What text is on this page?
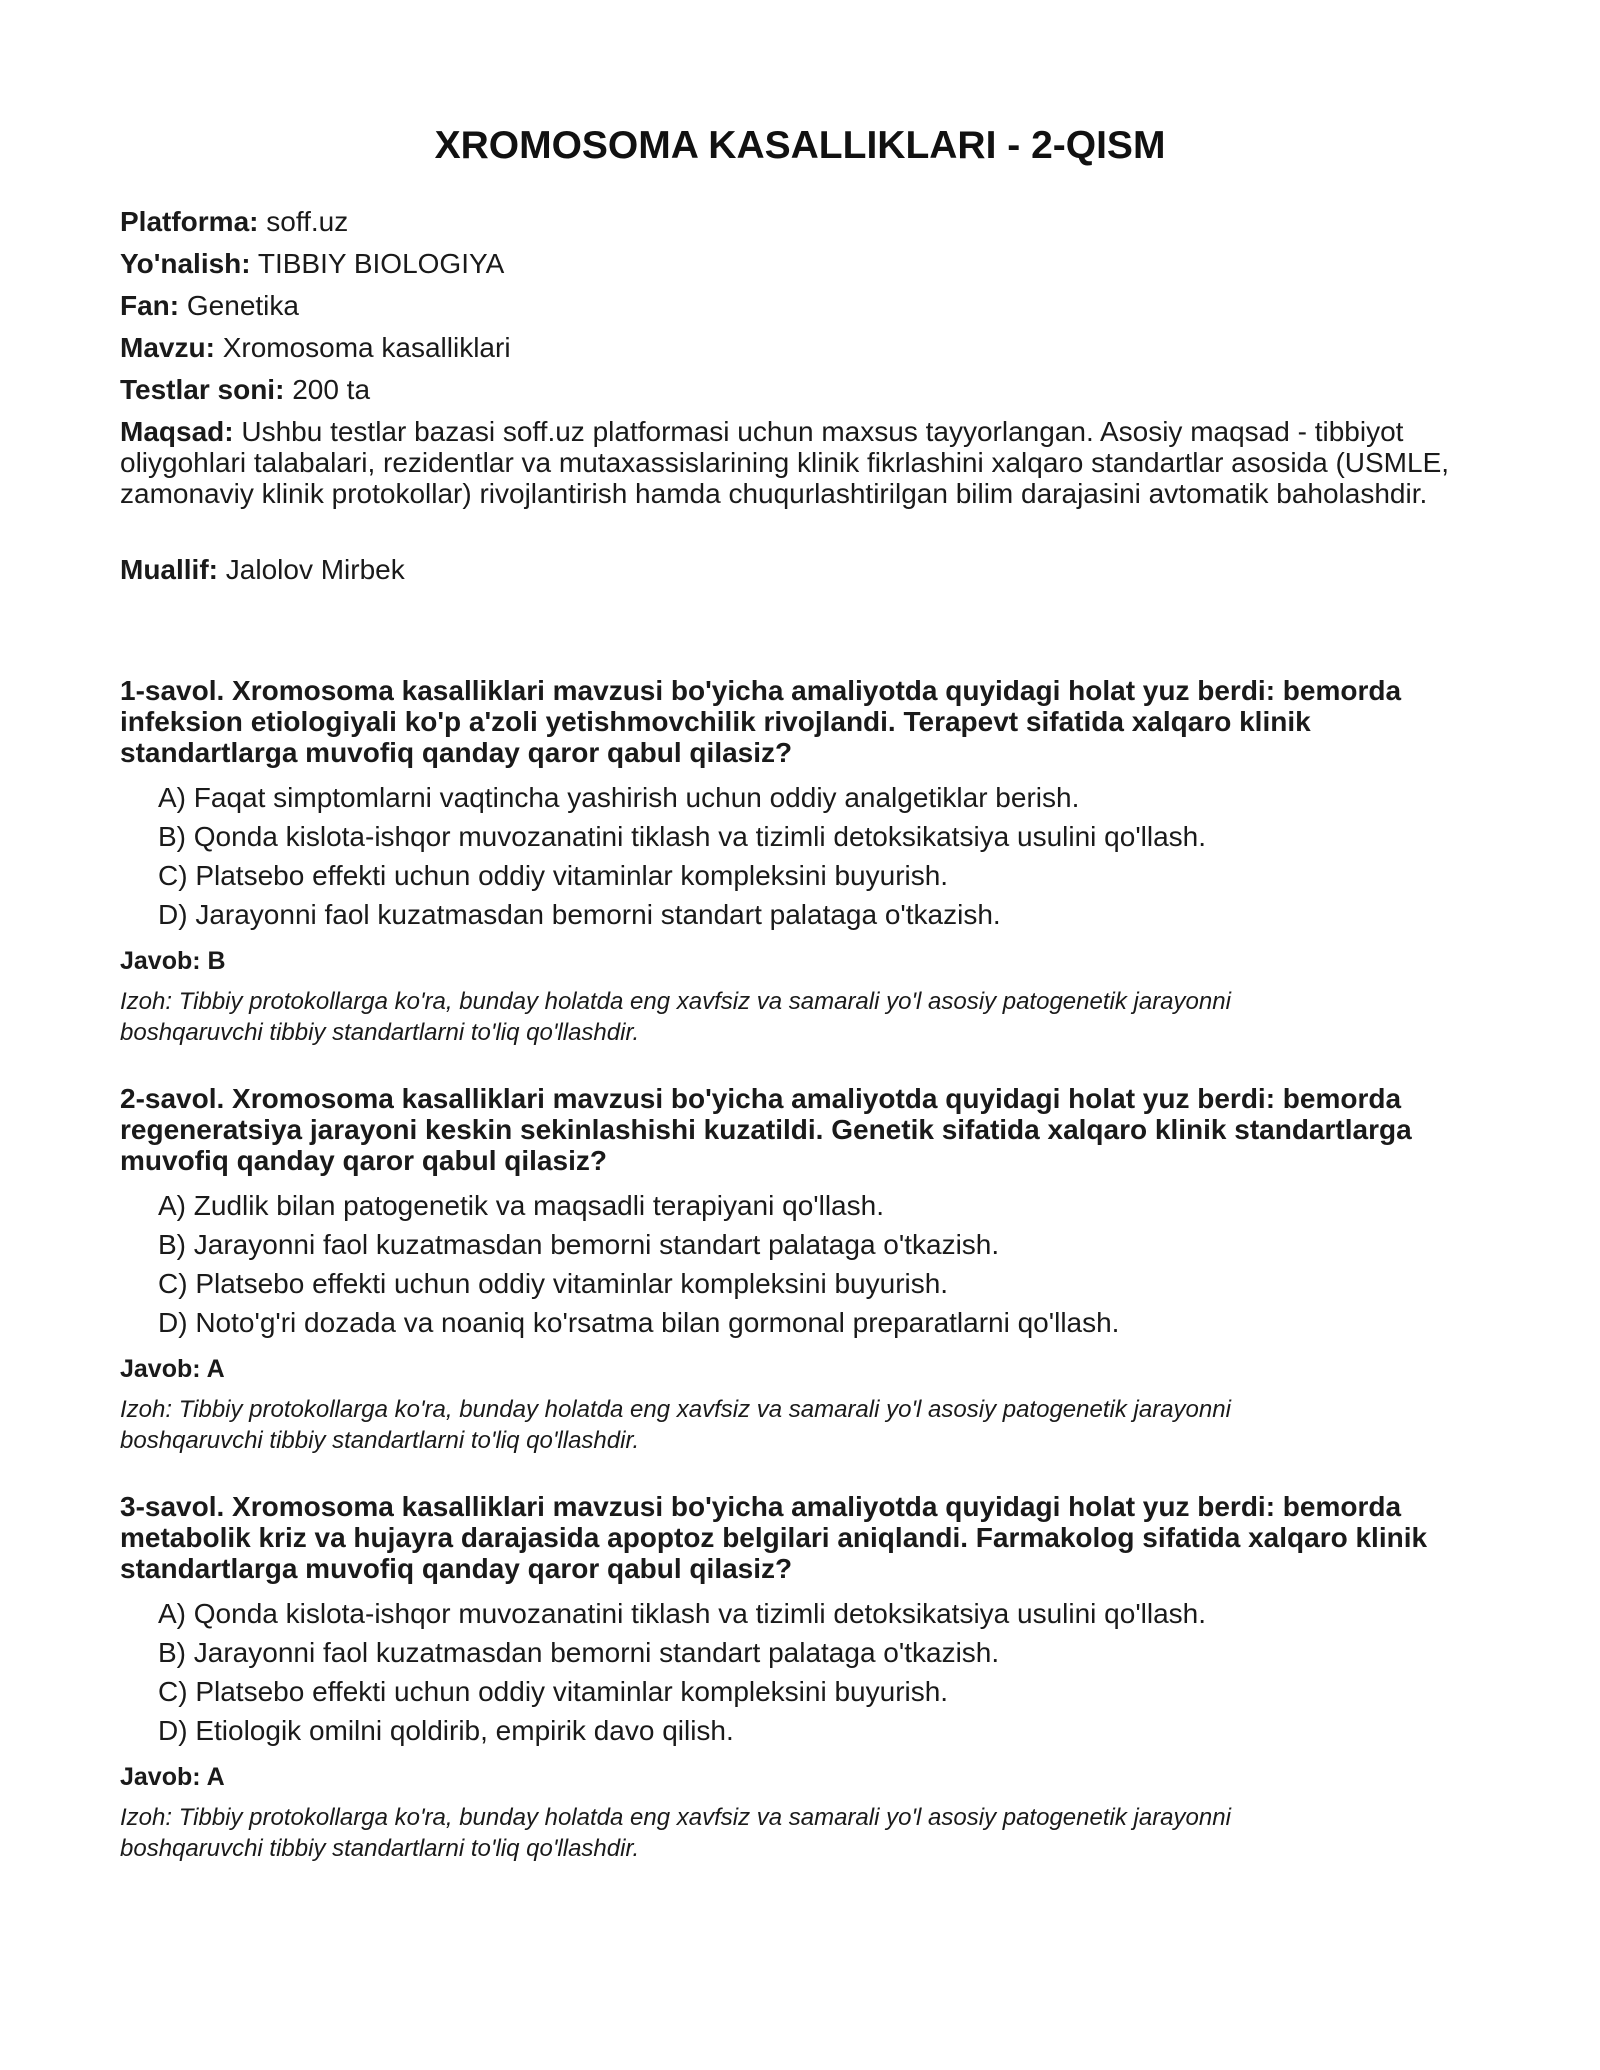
XROMOSOMA KASALLIKLARI - 2-QISM
Platforma: soff.uz
Yo'nalish: TIBBIY BIOLOGIYA
Fan: Genetika
Mavzu: Xromosoma kasalliklari
Testlar soni: 200 ta
Maqsad: Ushbu testlar bazasi soff.uz platformasi uchun maxsus tayyorlangan. Asosiy maqsad - tibbiyot oliygohlari talabalari, rezidentlar va mutaxassislarining klinik fikrlashini xalqaro standartlar asosida (USMLE, zamonaviy klinik protokollar) rivojlantirish hamda chuqurlashtirilgan bilim darajasini avtomatik baholashdir.
Muallif: Jalolov Mirbek

1-savol. Xromosoma kasalliklari mavzusi bo'yicha amaliyotda quyidagi holat yuz berdi: bemorda infeksion etiologiyali ko'p a'zoli yetishmovchilik rivojlandi. Terapevt sifatida xalqaro klinik standartlarga muvofiq qanday qaror qabul qilasiz?

A) Faqat simptomlarni vaqtincha yashirish uchun oddiy analgetiklar berish.
B) Qonda kislota-ishqor muvozanatini tiklash va tizimli detoksikatsiya usulini qo'llash.
C) Platsebo effekti uchun oddiy vitaminlar kompleksini buyurish.
D) Jarayonni faol kuzatmasdan bemorni standart palataga o'tkazish.
Javob: B
Izoh: Tibbiy protokollarga ko'ra, bunday holatda eng xavfsiz va samarali yo'l asosiy patogenetik jarayonni boshqaruvchi tibbiy standartlarni to'liq qo'llashdir.

2-savol. Xromosoma kasalliklari mavzusi bo'yicha amaliyotda quyidagi holat yuz berdi: bemorda regeneratsiya jarayoni keskin sekinlashishi kuzatildi. Genetik sifatida xalqaro klinik standartlarga muvofiq qanday qaror qabul qilasiz?

A) Zudlik bilan patogenetik va maqsadli terapiyani qo'llash.
B) Jarayonni faol kuzatmasdan bemorni standart palataga o'tkazish.
C) Platsebo effekti uchun oddiy vitaminlar kompleksini buyurish.
D) Noto'g'ri dozada va noaniq ko'rsatma bilan gormonal preparatlarni qo'llash.
Javob: A
Izoh: Tibbiy protokollarga ko'ra, bunday holatda eng xavfsiz va samarali yo'l asosiy patogenetik jarayonni boshqaruvchi tibbiy standartlarni to'liq qo'llashdir.

3-savol. Xromosoma kasalliklari mavzusi bo'yicha amaliyotda quyidagi holat yuz berdi: bemorda metabolik kriz va hujayra darajasida apoptoz belgilari aniqlandi. Farmakolog sifatida xalqaro klinik standartlarga muvofiq qanday qaror qabul qilasiz?

A) Qonda kislota-ishqor muvozanatini tiklash va tizimli detoksikatsiya usulini qo'llash.
B) Jarayonni faol kuzatmasdan bemorni standart palataga o'tkazish.
C) Platsebo effekti uchun oddiy vitaminlar kompleksini buyurish.
D) Etiologik omilni qoldirib, empirik davo qilish.
Javob: A
Izoh: Tibbiy protokollarga ko'ra, bunday holatda eng xavfsiz va samarali yo'l asosiy patogenetik jarayonni boshqaruvchi tibbiy standartlarni to'liq qo'llashdir.
